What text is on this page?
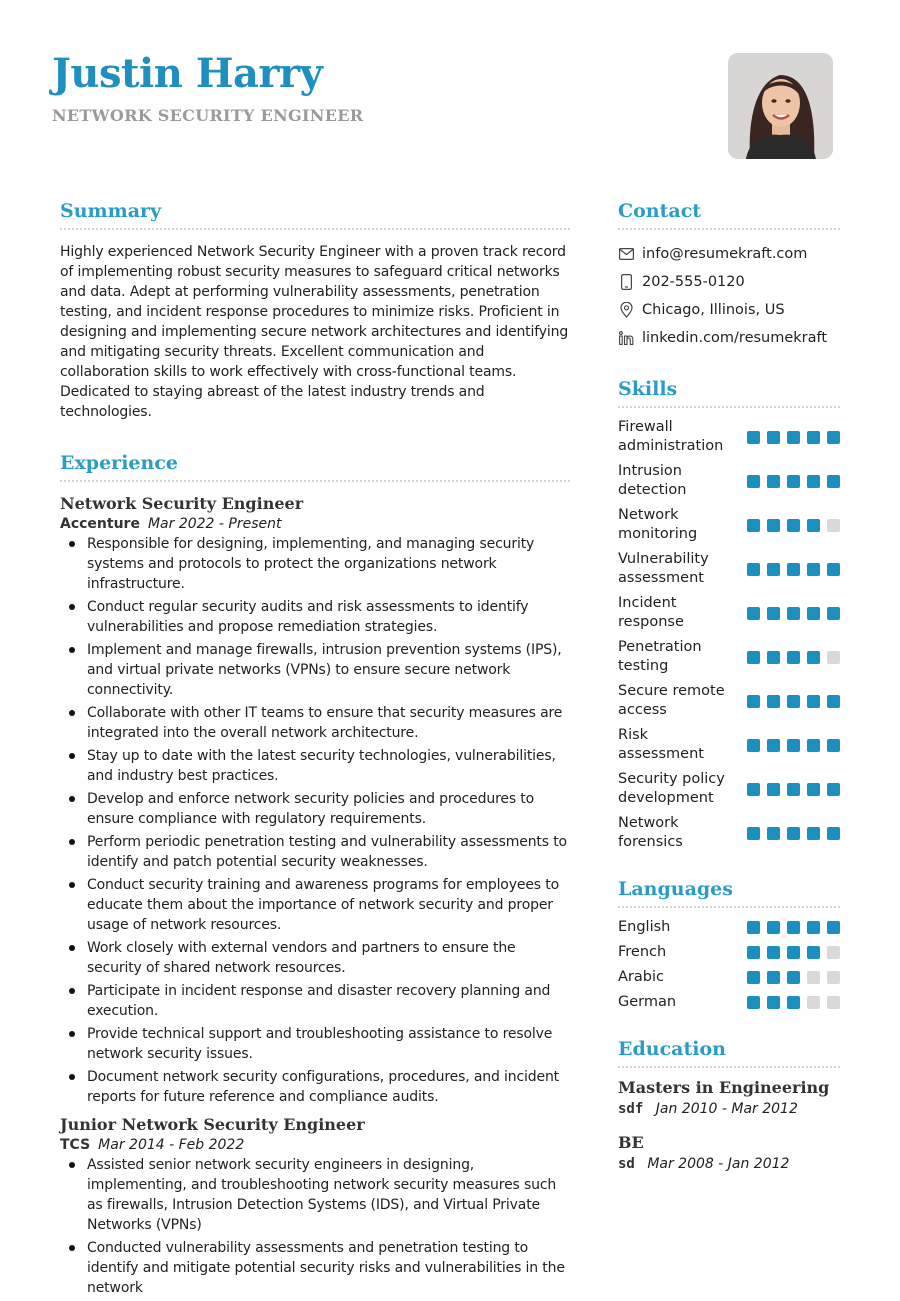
Justin Harry
NETWORK SECURITY ENGINEER
Summary

Highly experienced Network Security Engineer with a proven track record of implementing robust security measures to safeguard critical networks and data. Adept at performing vulnerability assessments, penetration testing, and incident response procedures to minimize risks. Proficient in designing and implementing secure network architectures and identifying and mitigating security threats. Excellent communication and collaboration skills to work effectively with cross-functional teams. Dedicated to staying abreast of the latest industry trends and technologies.

Experience
Network Security Engineer
Accenture Mar 2022 - Present
Responsible for designing, implementing, and managing security systems and protocols to protect the organizations network infrastructure.
Conduct regular security audits and risk assessments to identify vulnerabilities and propose remediation strategies.
Implement and manage firewalls, intrusion prevention systems (IPS), and virtual private networks (VPNs) to ensure secure network connectivity.
Collaborate with other IT teams to ensure that security measures are integrated into the overall network architecture.
Stay up to date with the latest security technologies, vulnerabilities, and industry best practices.
Develop and enforce network security policies and procedures to ensure compliance with regulatory requirements.
Perform periodic penetration testing and vulnerability assessments to identify and patch potential security weaknesses.
Conduct security training and awareness programs for employees to educate them about the importance of network security and proper usage of network resources.
Work closely with external vendors and partners to ensure the security of shared network resources.
Participate in incident response and disaster recovery planning and execution.
Provide technical support and troubleshooting assistance to resolve network security issues.
Document network security configurations, procedures, and incident reports for future reference and compliance audits.
Junior Network Security Engineer
TCS Mar 2014 - Feb 2022
Assisted senior network security engineers in designing, implementing, and troubleshooting network security measures such as firewalls, Intrusion Detection Systems (IDS), and Virtual Private Networks (VPNs)
Conducted vulnerability assessments and penetration testing to identify and mitigate potential security risks and vulnerabilities in the network
Contact
info@resumekraft.com
202-555-0120
Chicago, Illinois, US
linkedin.com/resumekraft
Skills
Firewall administration
Intrusion detection
Network monitoring
Vulnerability assessment
Incident response
Penetration testing
Secure remote access
Risk assessment
Security policy development
Network forensics
Languages
English
French
Arabic
German
Education
Masters in Engineering
sdf Jan 2010 - Mar 2012
BE
sd Mar 2008 - Jan 2012
